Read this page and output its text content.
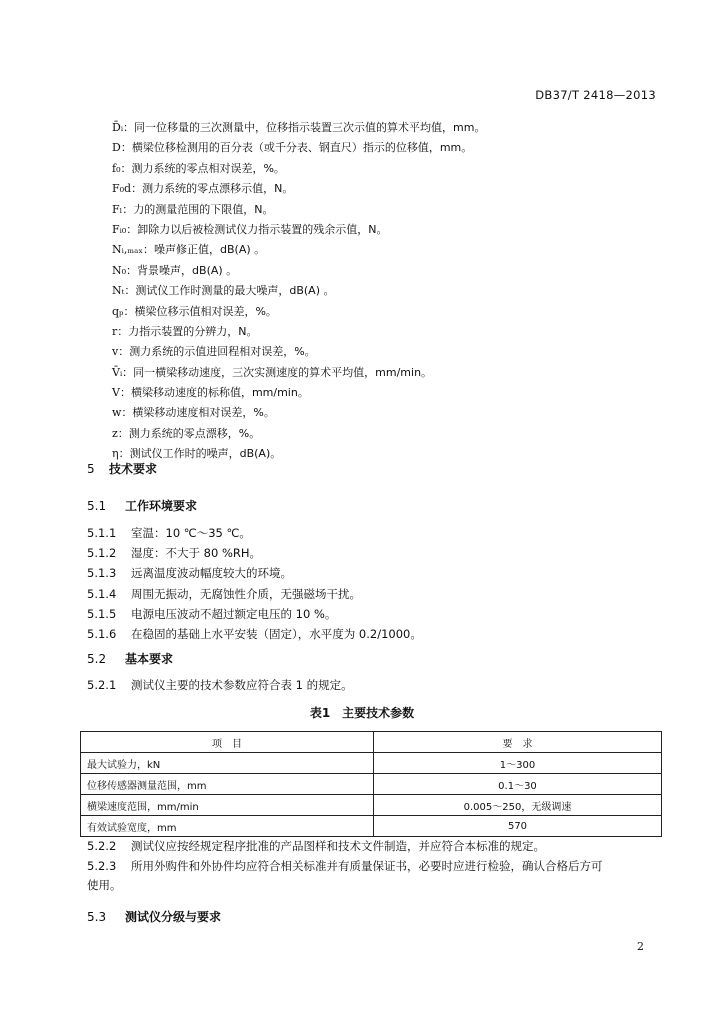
DB37/T 2418—2013
D̄ᵢ：同一位移量的三次测量中，位移指示装置三次示值的算术平均值，mm。
D：横梁位移检测用的百分表（或千分表、钢直尺）指示的位移值，mm。
f₀：测力系统的零点相对误差，%。
F₀d：测力系统的零点漂移示值，N。
Fₗ：力的测量范围的下限值，N。
Fᵢ₀：卸除力以后被检测试仪力指示装置的残余示值，N。
Nᵢ,ₘₐₓ：噪声修正值，dB(A) 。
N₀：背景噪声，dB(A) 。
Nₜ：测试仪工作时测量的最大噪声，dB(A) 。
qₚ：横梁位移示值相对误差，%。
r：力指示装置的分辨力，N。
v：测力系统的示值进回程相对误差，%。
V̄ᵢ：同一横梁移动速度，三次实测速度的算术平均值，mm/min。
V：横梁移动速度的标称值，mm/min。
w：横梁移动速度相对误差，%。
z：测力系统的零点漂移，%。
η：测试仪工作时的噪声，dB(A)。
5 技术要求
5.1 工作环境要求
5.1.1 室温：10 ℃～35 ℃。
5.1.2 湿度：不大于 80 %RH。
5.1.3 远离温度波动幅度较大的环境。
5.1.4 周围无振动，无腐蚀性介质，无强磁场干扰。
5.1.5 电源电压波动不超过额定电压的 10 %。
5.1.6 在稳固的基础上水平安装（固定），水平度为 0.2/1000。
5.2 基本要求
5.2.1 测试仪主要的技术参数应符合表 1 的规定。
表1 主要技术参数
项　目	要　求
最大试验力，kN	1～300
位移传感器测量范围，mm	0.1～30
横梁速度范围，mm/min	0.005～250，无级调速
有效试验宽度，mm	570
5.2.2 测试仪应按经规定程序批准的产品图样和技术文件制造，并应符合本标准的规定。
5.2.3 所用外购件和外协件均应符合相关标准并有质量保证书，必要时应进行检验，确认合格后方可
使用。
5.3 测试仪分级与要求
2
